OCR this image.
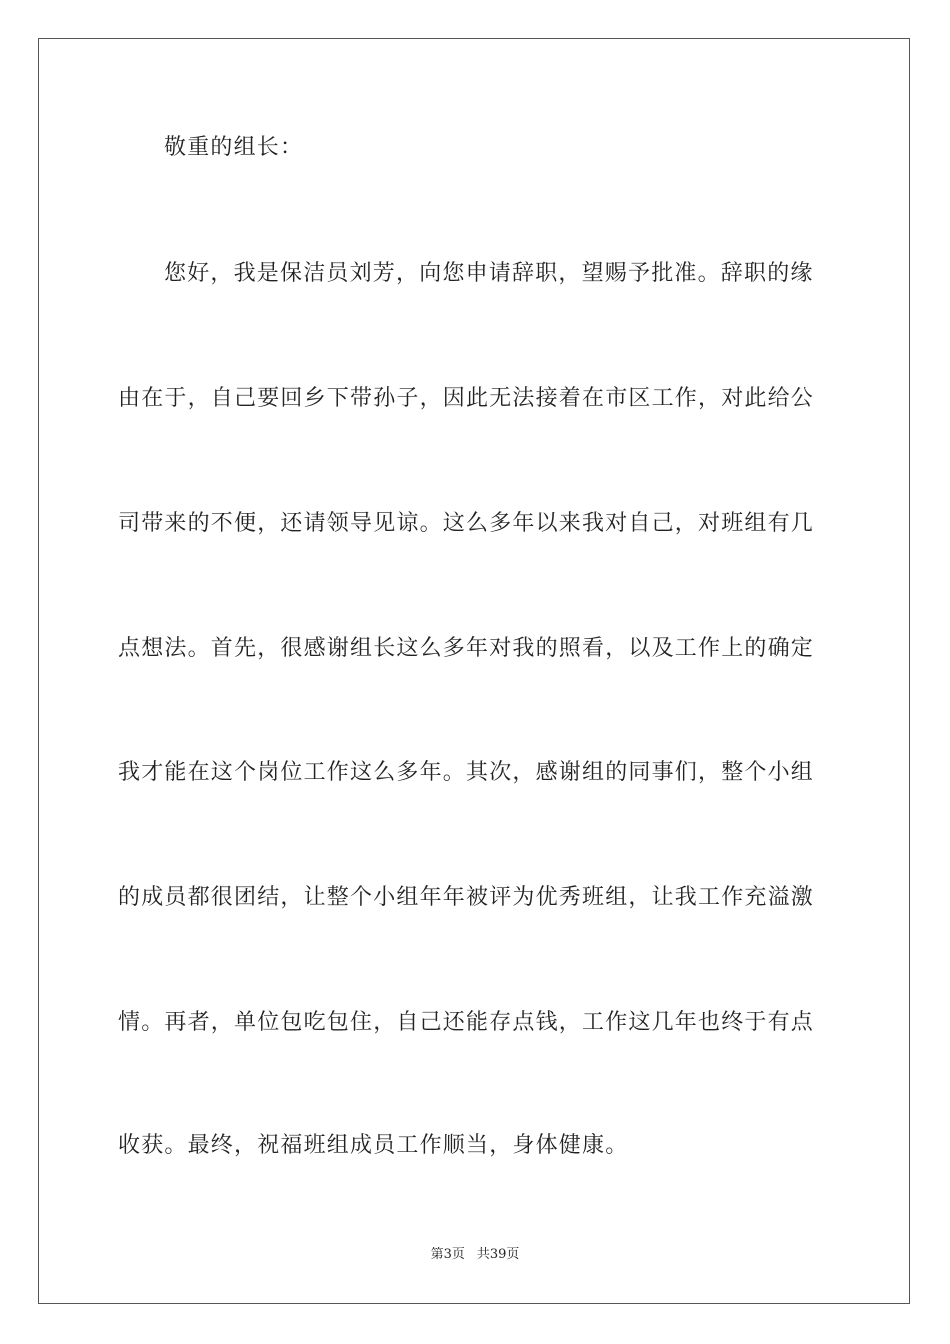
敬重的组长：
您好，我是保洁员刘芳，向您申请辞职，望赐予批准。辞职的缘
由在于，自己要回乡下带孙子，因此无法接着在市区工作，对此给公
司带来的不便，还请领导见谅。这么多年以来我对自己，对班组有几
点想法。首先，很感谢组长这么多年对我的照看，以及工作上的确定
我才能在这个岗位工作这么多年。其次，感谢组的同事们，整个小组
的成员都很团结，让整个小组年年被评为优秀班组，让我工作充溢激
情。再者，单位包吃包住，自己还能存点钱，工作这几年也终于有点
收获。最终，祝福班组成员工作顺当，身体健康。
第3页 共39页
